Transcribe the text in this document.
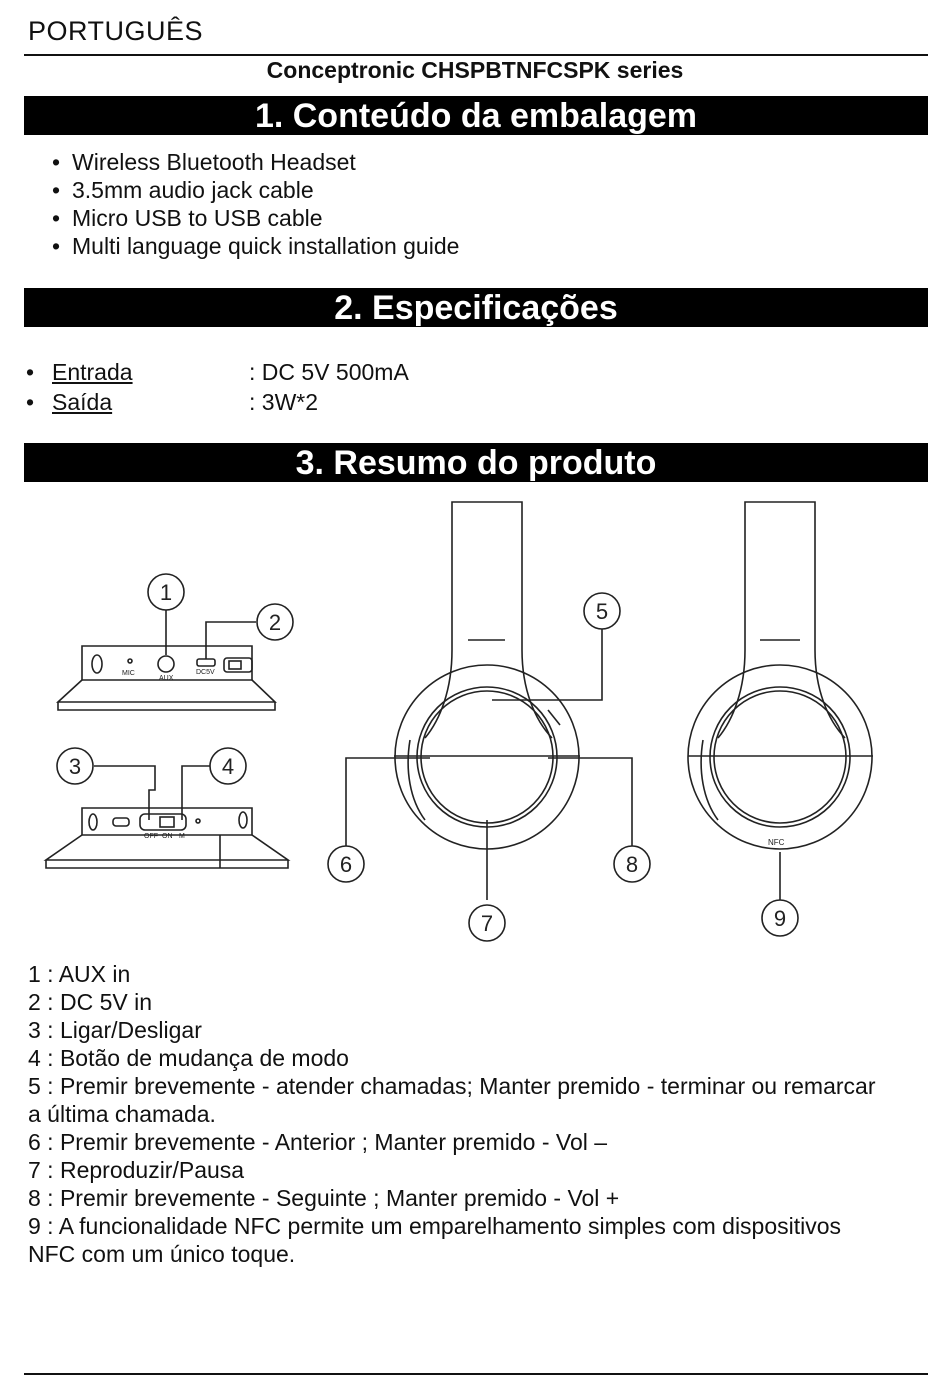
PORTUGUÊS
Conceptronic CHSPBTNFCSPK series
1. Conteúdo da embalagem
• Wireless Bluetooth Headset
• 3.5mm audio jack cable
• Micro USB to USB cable
• Multi language quick installation guide
2. Especificações
• Entrada	: DC 5V 500mA
• Saída	: 3W*2
3. Resumo do produto
MIC
AUX
DC5V
OFF ON M
NFC
1
2
3	4
5
6
7
8
9
1 : AUX in
2 : DC 5V in
3 : Ligar/Desligar
4 : Botão de mudança de modo
5 : Premir brevemente - atender chamadas; Manter premido - terminar ou remarcar
a última chamada.
6 : Premir brevemente - Anterior ; Manter premido - Vol –
7 : Reproduzir/Pausa
8 : Premir brevemente - Seguinte ; Manter premido - Vol +
9 : A funcionalidade NFC permite um emparelhamento simples com dispositivos
NFC com um único toque.
